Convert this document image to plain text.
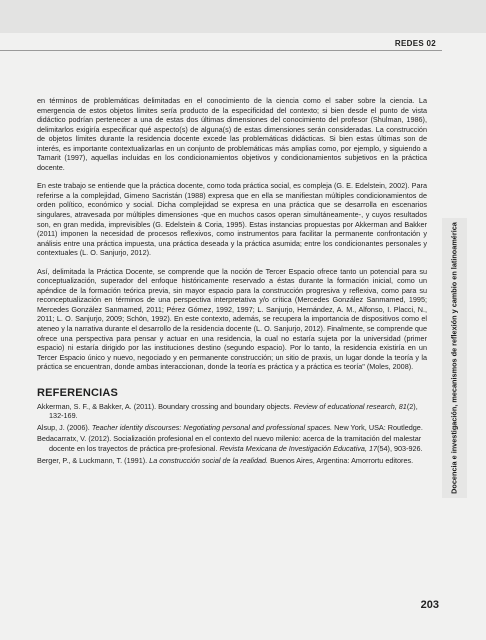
REDES 02

en términos de problemáticas delimitadas en el conocimiento de la ciencia como el saber sobre la ciencia. La emergencia de estos objetos límites sería producto de la especificidad del contexto; si bien desde el punto de vista didáctico podrían pertenecer a una de estas dos últimas dimensiones del conocimiento del profesor (Shulman, 1986), delimitarlos exigiría especificar qué aspecto(s) de alguna(s) de estas dimensiones serán consideradas. La construcción de objetos límites durante la residencia docente excede las problemáticas didácticas. Si bien estas últimas son de interés, es importante contextualizarlas en un conjunto de problemáticas más amplias como, por ejemplo, y siguiendo a Tamarit (1997), aquellas incluidas en los condicionamientos objetivos y condicionamientos subjetivos en la práctica docente.

En este trabajo se entiende que la práctica docente, como toda práctica social, es compleja (G. E. Edelstein, 2002). Para referirse a la complejidad, Gimeno Sacristán (1988) expresa que en ella se manifiestan múltiples condicionamientos de orden político, económico y social. Dicha complejidad se expresa en una práctica que se desarrolla en escenarios singulares, atravesada por múltiples dimensiones -que en muchos casos operan simultáneamente-, y cuyos resultados son, en gran medida, imprevisibles (G. Edelstein & Coria, 1995). Estas instancias propuestas por Akkerman and Bakker (2011) imponen la necesidad de procesos reflexivos, como instrumentos para facilitar la permanente confrontación y análisis entre una práctica impuesta, una práctica deseada y la práctica asumida; entre los condicionantes personales y contextuales (L. O. Sanjurjo, 2012).

Así, delimitada la Práctica Docente, se comprende que la noción de Tercer Espacio ofrece tanto un potencial para su conceptualización, superador del enfoque históricamente reservado a éstas durante la formación inicial, como un apéndice de la formación teórica previa, sin mayor espacio para la construcción progresiva y reflexiva, como para su reconceptualización en términos de una perspectiva interpretativa y/o crítica (Mercedes González Sanmamed, 1995; Mercedes González Sanmamed, 2011; Pérez Gómez, 1992, 1997; L. Sanjurjo, Hernández, A. M., Alfonso, I. Placci, N., 2011; L. O. Sanjurjo, 2009; Schön, 1992). En este contexto, además, se recupera la importancia de dispositivos como el ateneo y la narrativa durante el desarrollo de la residencia docente (L. O. Sanjurjo, 2012). Finalmente, se comprende que ofrece una perspectiva para pensar y actuar en una residencia, la cual no estaría sujeta por la universidad (primer espacio) ni estaría dirigido por las instituciones destino (segundo espacio). Por lo tanto, la residencia existiría en un Tercer Espacio único y nuevo, negociado y en permanente construcción; un sitio de praxis, un lugar donde la teoría y la práctica se encuentran, donde ambas interaccionan, donde la teoría es práctica y a práctica es teoría" (Moles, 2008).

REFERENCIAS

Akkerman, S. F., & Bakker, A. (2011). Boundary crossing and boundary objects. Review of educational research, 81(2), 132-169.

Alsup, J. (2006). Teacher identity discourses: Negotiating personal and professional spaces. New York, USA: Routledge.

Bedacarratx, V. (2012). Socialización profesional en el contexto del nuevo milenio: acerca de la tramitación del malestar docente en los trayectos de práctica pre-profesional. Revista Mexicana de Investigación Educativa, 17(54), 903-926.

Berger, P., & Luckmann, T. (1991). La construcción social de la realidad. Buenos Aires, Argentina: Amorrortu editores.	Docencia e investigación, mecanismos de reflexión y cambio en latinoamérica
203
